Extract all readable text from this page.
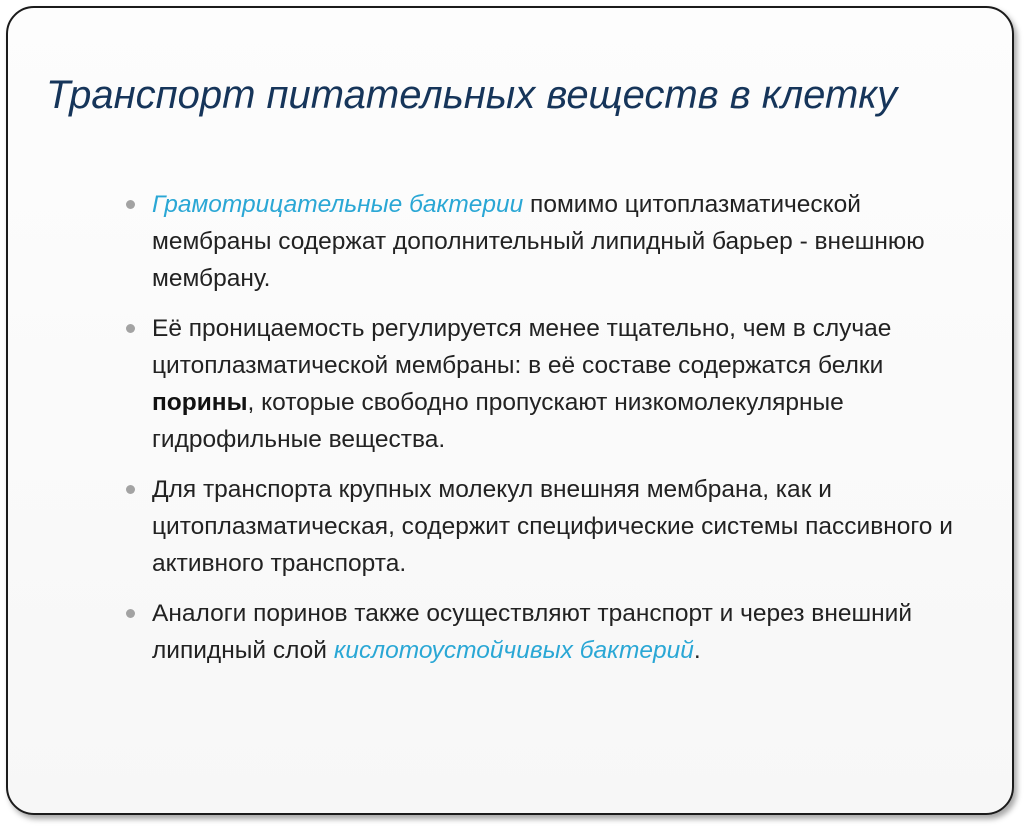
Транспорт питательных веществ в клетку
Грамотрицательные бактерии помимо цитоплазматической мембраны содержат дополнительный липидный барьер - внешнюю мембрану.
Её проницаемость регулируется менее тщательно, чем в случае цитоплазматической мембраны: в её составе содержатся белки порины, которые свободно пропускают низкомолекулярные гидрофильные вещества.
Для транспорта крупных молекул внешняя мембрана, как и цитоплазматическая, содержит специфические системы пассивного и активного транспорта.
Аналоги поринов также осуществляют транспорт и через внешний липидный слой кислотоустойчивых бактерий.
